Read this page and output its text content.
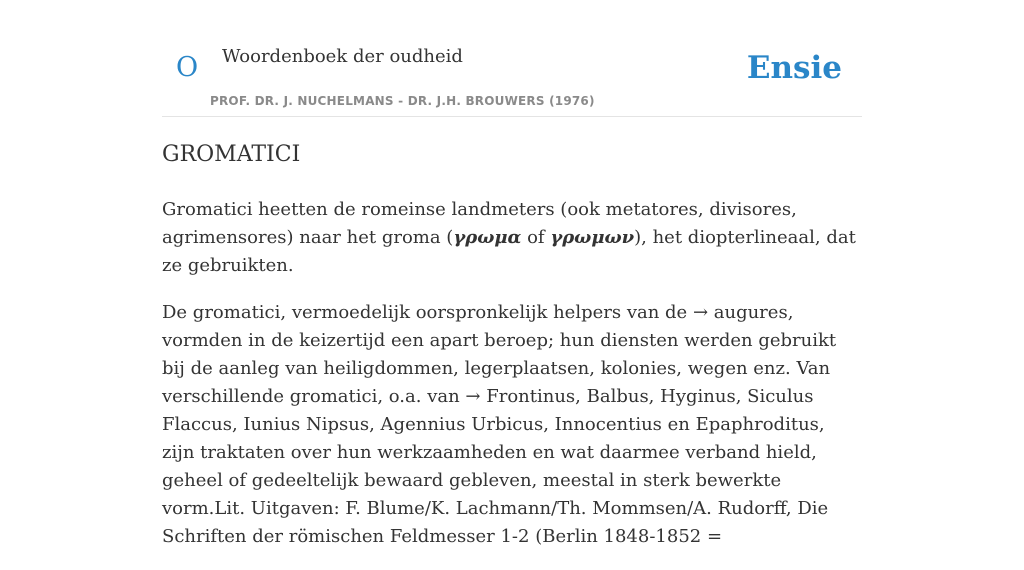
O Woordenboek der oudheid
PROF. DR. J. NUCHELMANS - DR. J.H. BROUWERS (1976)
Ensie
GROMATICI

Gromatici heetten de romeinse landmeters (ook metatores, divisores, agrimensores) naar het groma (γρωμα of γρωμων), het diopterlineaal, dat ze gebruikten.

De gromatici, vermoedelijk oorspronkelijk helpers van de → augures, vormden in de keizertijd een apart beroep; hun diensten werden gebruikt bij de aanleg van heiligdommen, legerplaatsen, kolonies, wegen enz. Van verschillende gromatici, o.a. van → Frontinus, Balbus, Hyginus, Siculus Flaccus, Iunius Nipsus, Agennius Urbicus, Innocentius en Epaphroditus, zijn traktaten over hun werkzaamheden en wat daarmee verband hield, geheel of gedeeltelijk bewaard gebleven, meestal in sterk bewerkte vorm.Lit. Uitgaven: F. Blume/K. Lachmann/Th. Mommsen/A. Rudorff, Die Schriften der römischen Feldmesser 1-2 (Berlin 1848-1852 =
